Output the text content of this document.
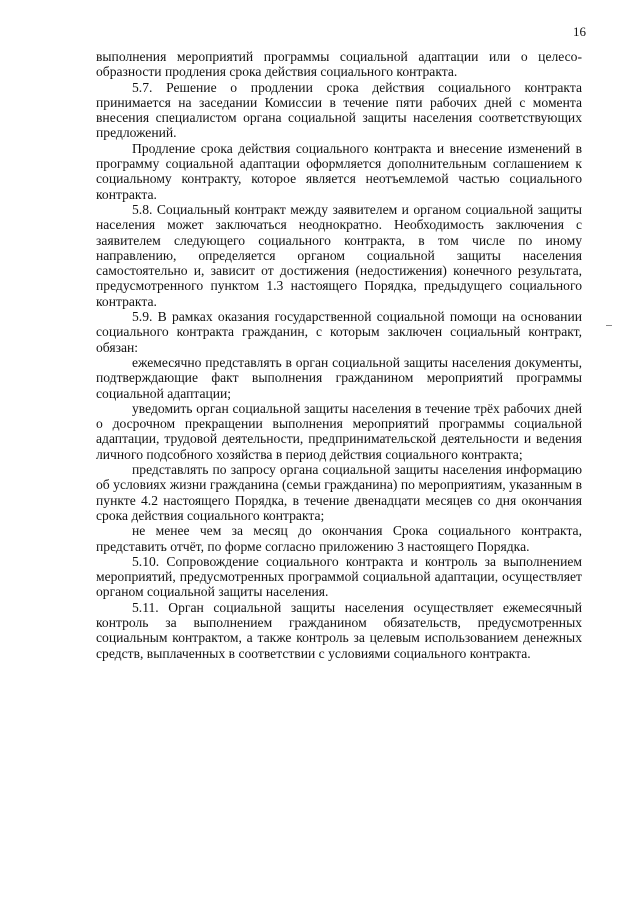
16

выполнения мероприятий программы социальной адаптации или о целесообразности продления срока действия социального контракта.

5.7. Решение о продлении срока действия социального контракта принимается на заседании Комиссии в течение пяти рабочих дней с момента внесения специалистом органа социальной защиты населения соответствующих предложений.

Продление срока действия социального контракта и внесение изменений в программу социальной адаптации оформляется дополнительным соглашением к социальному контракту, которое является неотъемлемой частью социального контракта.

5.8. Социальный контракт между заявителем и органом социальной защиты населения может заключаться неоднократно. Необходимость заключения с заявителем следующего социального контракта, в том числе по иному направлению, определяется органом социальной защиты населения самостоятельно и, зависит от достижения (недостижения) конечного результата, предусмотренного пунктом 1.3 настоящего Порядка, предыдущего социального контракта.

5.9. В рамках оказания государственной социальной помощи на основании социального контракта гражданин, с которым заключен социальный контракт, обязан:

ежемесячно представлять в орган социальной защиты населения документы, подтверждающие факт выполнения гражданином мероприятий программы социальной адаптации;

уведомить орган социальной защиты населения в течение трёх рабочих дней о досрочном прекращении выполнения мероприятий программы социальной адаптации, трудовой деятельности, предпринимательской деятельности и ведения личного подсобного хозяйства в период действия социального контракта;

представлять по запросу органа социальной защиты населения информацию об условиях жизни гражданина (семьи гражданина) по мероприятиям, указанным в пункте 4.2 настоящего Порядка, в течение двенадцати месяцев со дня окончания срока действия социального контракта;

не менее чем за месяц до окончания Срока социального контракта, представить отчёт, по форме согласно приложению 3 настоящего Порядка.

5.10. Сопровождение социального контракта и контроль за выполнением мероприятий, предусмотренных программой социальной адаптации, осуществляет органом социальной защиты населения.

5.11. Орган социальной защиты населения осуществляет ежемесячный контроль за выполнением гражданином обязательств, предусмотренных социальным контрактом, а также контроль за целевым использованием денежных средств, выплаченных в соответствии с условиями социального контракта.
